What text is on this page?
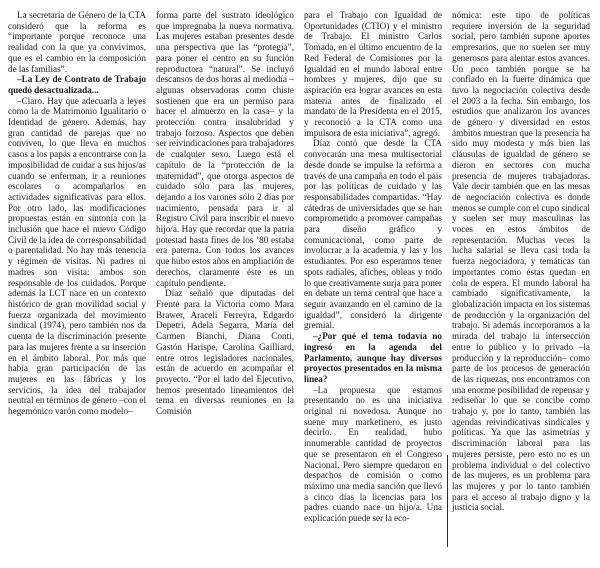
La secretaria de Género de la CTA consideró que la reforma es “importante porque reconoce una realidad con la que ya convivimos, que es el cambio en la composición de las familias”.

–La Ley de Contrato de Trabajo quedó desactualizada...

–Claro. Hay que adecuarla a leyes como la de Matrimonio Igualitario o Identidad de género. Además, hay gran cantidad de parejas que no conviven, lo que lleva en muchos casos a los papás a encontrarse con la imposibilidad de cuidar a sus hijos/as cuando se enferman, ir a reuniones escolares o acompañarlos en actividades significativas para ellos. Por otro lado, las modificaciones propuestas están en sintonía con la inclusión que hace el nuevo Código Civil de la idea de corresponsabilidad o parentalidad. No hay más tenencia y régimen de visitas. Ni padres ni madres son visita: ambos son responsable de los cuidados. Porque además la LCT nace en un contexto histórico de gran movilidad social y fuerza organizada del movimiento sindical (1974), pero también nos da cuenta de la discriminación presente para las mujeres frente a su inserción en el ámbito laboral. Por más que había gran participación de las mujeres en las fábricas y los servicios, la idea del trabajador neutral en términos de género –con el hegemónico varón como modelo–

forma parte del sustrato ideológico que impregnaba la nueva normativa. Las mujeres estaban presentes desde una perspectiva que las “protegía”, para poner el centro en su función reproductora “natural”. Se incluyó descansos de dos horas al mediodía –algunas observadoras como chiste sostienen que era un permiso para hacer el almuerzo en la casa– y la protección contra insalubridad y trabajo forzoso. Aspectos que deben ser reivindicaciones para trabajadores de cualquier sexo. Luego está el capítulo de la “protección de la maternidad”, que otorga aspectos de cuidado sólo para las mujeres, dejando a los varones sólo 2 días por nacimiento, pensada para ir al Registro Civil para inscribir el nuevo hijo/a. Hay que recordar que la patria potestad hasta fines de los ’80 estaba era paterna. Con todos los avances que hubo estos años en ampliación de derechos, claramente éste es un capítulo pendiente.

Díaz señaló que diputadas del Frente para la Victoria como Mara Brawer, Araceli Ferreyra, Edgardo Depetri, Adela Segarra, María del Carmen Bianchi, Diana Conti, Gastón Harispe, Carolina Gailliard, entre otros legisladores nacionales, están de acuerdo en acompañar el proyecto. “Por el lado del Ejecutivo, hemos presentado lineamientos del tema en diversas reuniones en la Comisión

para el Trabajo con Igualdad de Oportunidades (CTIO) y el ministro de Trabajo. El ministro Carlos Tomada, en el último encuentro de la Red Federal de Comisiones por la Igualdad en el mundo laboral entre hombres y mujeres, dijo que su aspiración era lograr avances en esta materia antes de finalizado el mandato de la Presidenta en el 2015, y reconoció a la CTA como una impulsora de esta iniciativa”, agregó.

Díaz contó que desde la CTA convocarán una mesa multisectorial desde donde se impulse la reforma a través de una campaña en todo el país por las políticas de cuidado y las responsabilidades compartidas. “Hay cátedras de universidades que se han comprometido a promover campañas para diseño gráfico y comunicacional, como parte de involucrar a la academia y las y los estudiantes. Por eso esperamos tener spots radiales, afiches, obleas y todo lo que creativamente surja para poner en debate un tema central que hace a seguir avanzando en el camino de la igualdad”, consideró la dirigente gremial.

–¿Por qué el tema todavía no ingresó en la agenda del Parlamento, aunque hay diversos proyectos presentados en la misma línea?

–La propuesta que estamos presentando no es una iniciativa original ni novedosa. Aunque no suene muy marketinero, es justo decirlo. En realidad, hubo innumerable cantidad de proyectos que se presentaron en el Congreso Nacional. Pero siempre quedaron en despachos de comisión o como máximo una media sanción que llevó a cinco días la licencias para los padres cuando nace un hijo/a. Una explicación puede ser la eco-

nómica: este tipo de políticas requiere inversión de la seguridad social, pero también supone aportes empresarios, que no suelen ser muy generosos para alentar estos avances. Un poco también porque se ha confiado en la fuerte dinámica que tuvo la negociación colectiva desde el 2003 a la fecha. Sin embargo, los estudios que analizaron los avances de género y diversidad en estos ámbitos muestran que la presencia ha sido muy modesta y más bien las cláusulas de igualdad de género se dieron en sectores con mucha presencia de mujeres trabajadoras. Vale decir también que en las mesas de negociación colectiva es donde menos se cumple con el cupo sindical y suelen ser muy masculinas las voces en estos ámbitos de representación. Muchas veces la lucha salarial se lleva casi toda la fuerza negociadora, y temáticas tan importantes como éstas quedan en cola de espera. El mundo laboral ha cambiado significativamente, la globalización impacta en los sistemas de producción y la organización del trabajo. Si además incorporamos a la mirada del trabajo la intersección entre lo público y lo privado –la producción y la reproducción– como parte de los procesos de generación de las riquezas, nos encontramos con una enorme posibilidad de repensar y rediseñar lo que se concibe como trabajo y, por lo tanto, también las agendas reivindicativas sindicales y políticas. Ya que las asimetrías y discriminación laboral para las mujeres persiste, pero esto no es un problema individual o del colectivo de las mujeres, es un problema para las mujeres y por lo tanto también para el acceso al trabajo digno y la justicia social.
